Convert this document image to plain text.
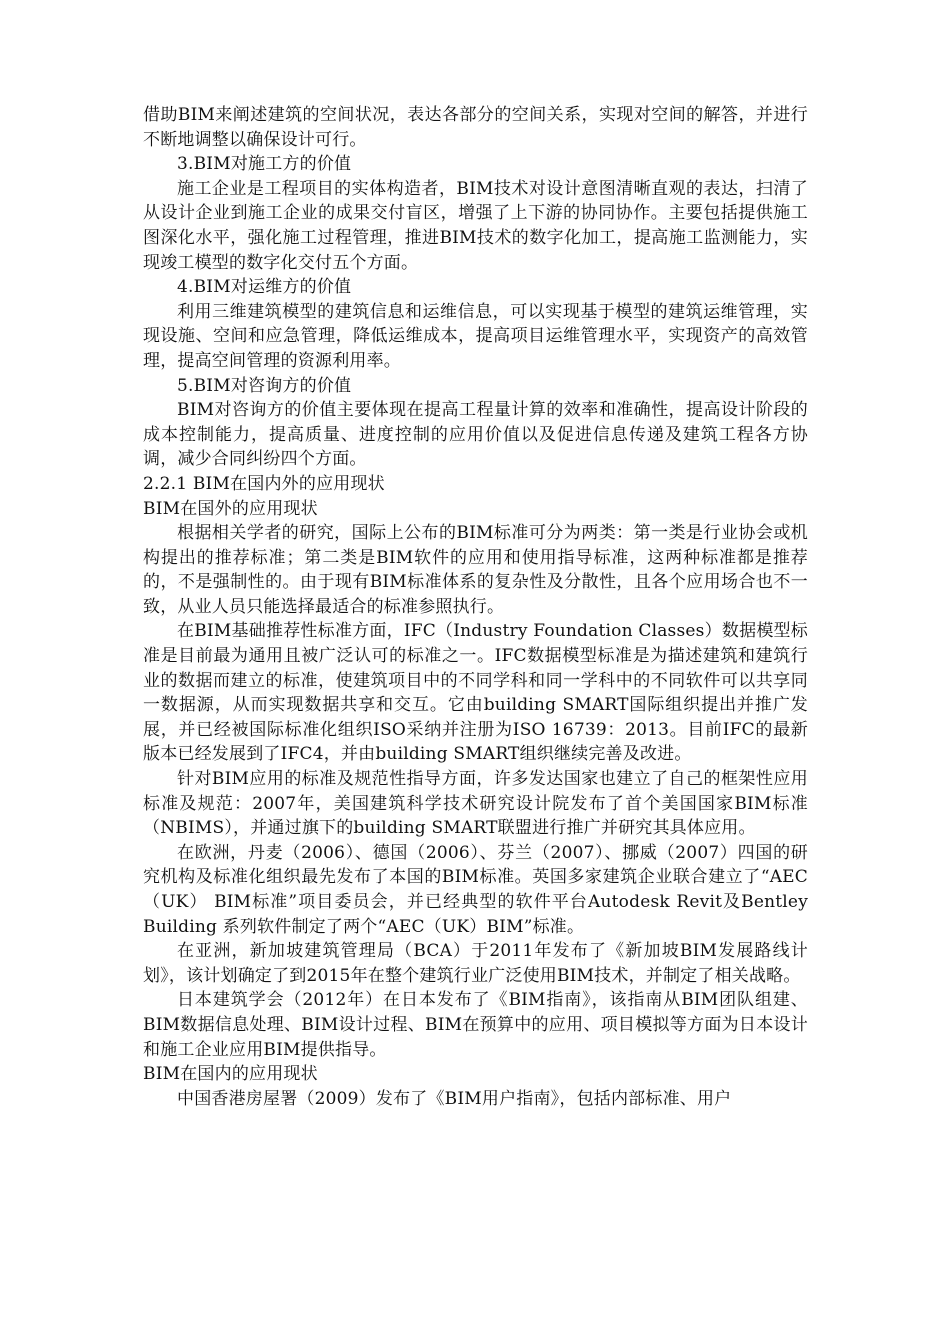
借助BIM来阐述建筑的空间状况，表达各部分的空间关系，实现对空间的解答，并进行不断地调整以确保设计可行。

3.BIM对施工方的价值

施工企业是工程项目的实体构造者，BIM技术对设计意图清晰直观的表达，扫清了从设计企业到施工企业的成果交付盲区，增强了上下游的协同协作。主要包括提供施工图深化水平，强化施工过程管理，推进BIM技术的数字化加工，提高施工监测能力，实现竣工模型的数字化交付五个方面。

4.BIM对运维方的价值

利用三维建筑模型的建筑信息和运维信息，可以实现基于模型的建筑运维管理，实现设施、空间和应急管理，降低运维成本，提高项目运维管理水平，实现资产的高效管理，提高空间管理的资源利用率。

5.BIM对咨询方的价值

BIM对咨询方的价值主要体现在提高工程量计算的效率和准确性，提高设计阶段的成本控制能力，提高质量、进度控制的应用价值以及促进信息传递及建筑工程各方协调，减少合同纠纷四个方面。

2.2.1 BIM在国内外的应用现状

BIM在国外的应用现状

根据相关学者的研究，国际上公布的BIM标准可分为两类：第一类是行业协会或机构提出的推荐标准；第二类是BIM软件的应用和使用指导标准，这两种标准都是推荐的，不是强制性的。由于现有BIM标准体系的复杂性及分散性，且各个应用场合也不一致，从业人员只能选择最适合的标准参照执行。

在BIM基础推荐性标准方面，IFC（Industry Foundation Classes）数据模型标准是目前最为通用且被广泛认可的标准之一。IFC数据模型标准是为描述建筑和建筑行业的数据而建立的标准，使建筑项目中的不同学科和同一学科中的不同软件可以共享同一数据源，从而实现数据共享和交互。它由building SMART国际组织提出并推广发展，并已经被国际标准化组织ISO采纳并注册为ISO 16739：2013。目前IFC的最新版本已经发展到了IFC4，并由building SMART组织继续完善及改进。

针对BIM应用的标准及规范性指导方面，许多发达国家也建立了自己的框架性应用标准及规范：2007年，美国建筑科学技术研究设计院发布了首个美国国家BIM标准（NBIMS），并通过旗下的building SMART联盟进行推广并研究其具体应用。

在欧洲，丹麦（2006）、德国（2006）、芬兰（2007）、挪威（2007）四国的研究机构及标准化组织最先发布了本国的BIM标准。英国多家建筑企业联合建立了“AEC（UK） BIM标准”项目委员会，并已经典型的软件平台Autodesk Revit及Bentley Building 系列软件制定了两个“AEC（UK）BIM”标准。

在亚洲，新加坡建筑管理局（BCA）于2011年发布了《新加坡BIM发展路线计划》，该计划确定了到2015年在整个建筑行业广泛使用BIM技术，并制定了相关战略。

日本建筑学会（2012年）在日本发布了《BIM指南》，该指南从BIM团队组建、BIM数据信息处理、BIM设计过程、BIM在预算中的应用、项目模拟等方面为日本设计和施工企业应用BIM提供指导。

BIM在国内的应用现状

中国香港房屋署（2009）发布了《BIM用户指南》，包括内部标准、用户
